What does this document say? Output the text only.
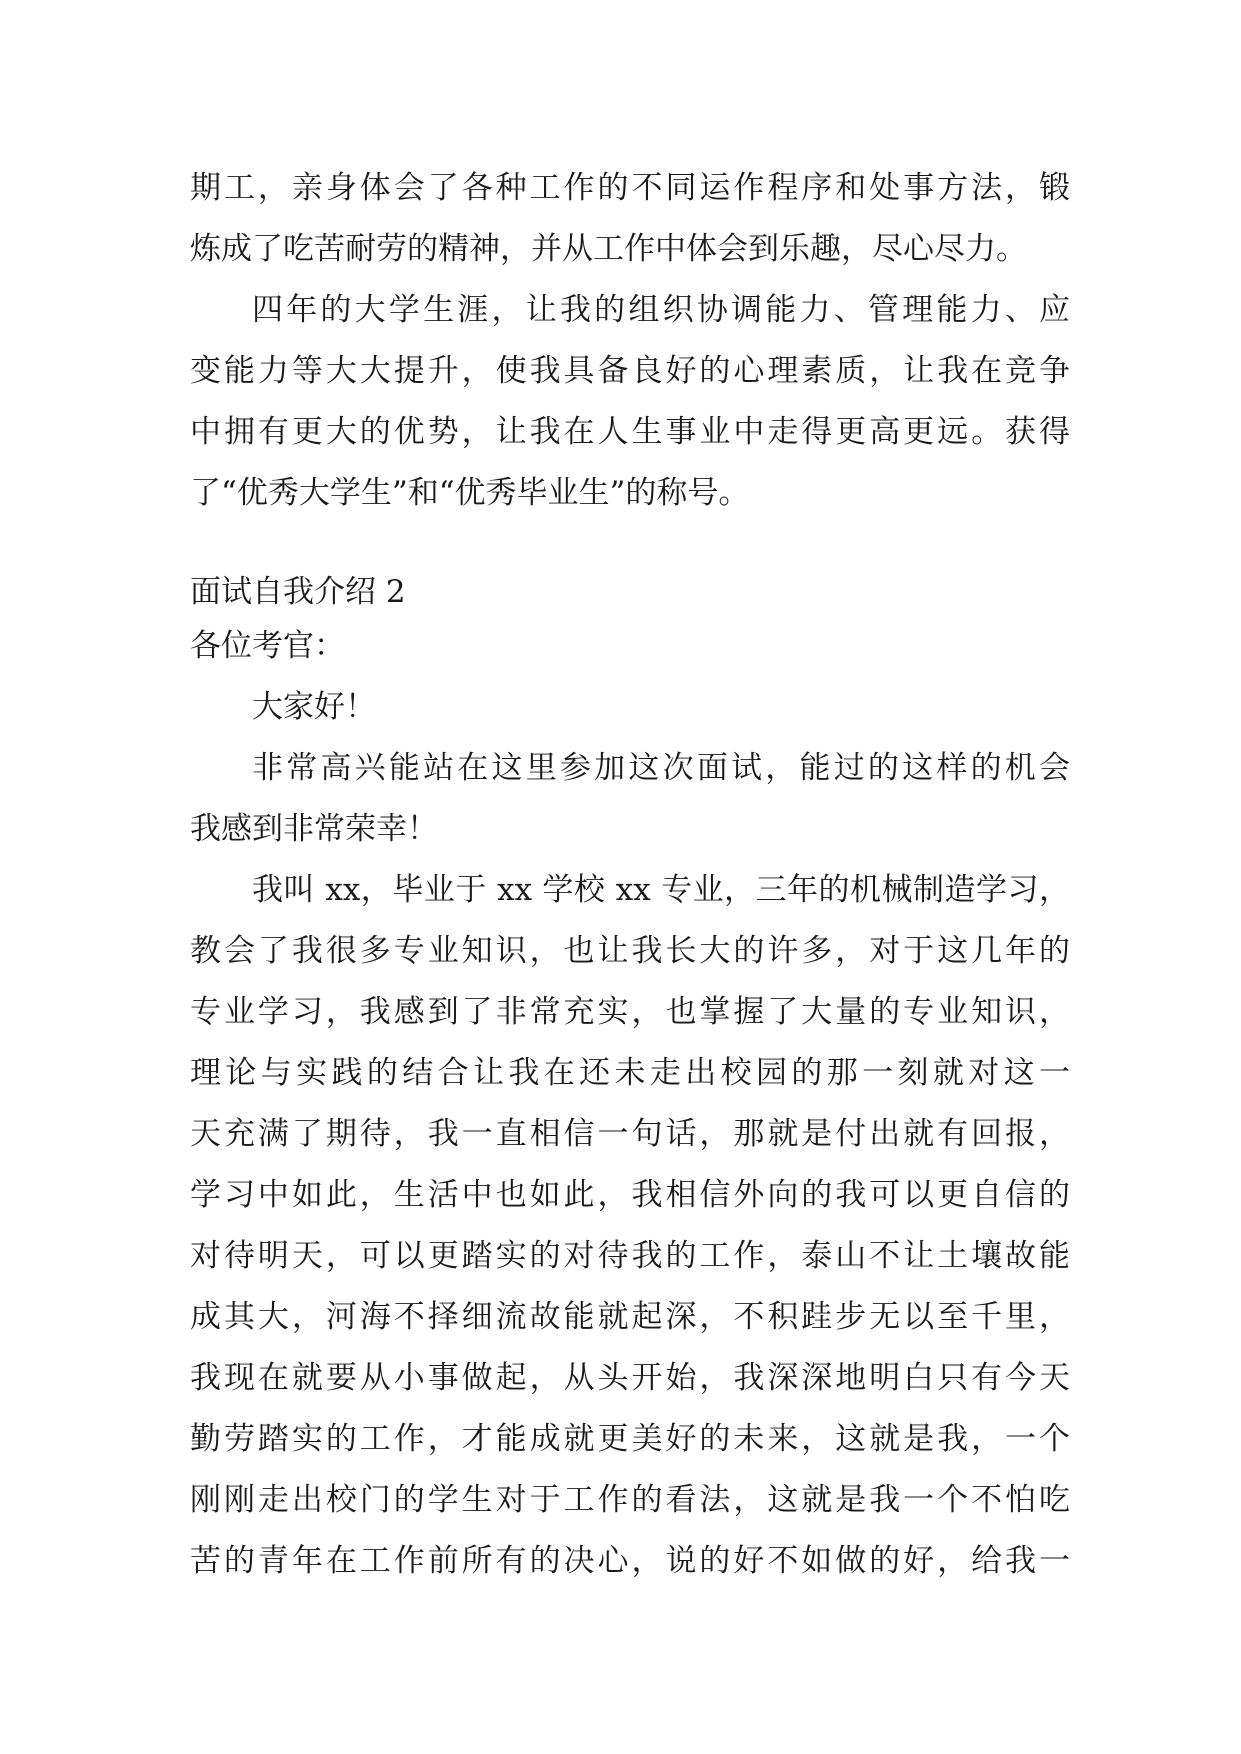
期工，亲身体会了各种工作的不同运作程序和处事方法，锻
炼成了吃苦耐劳的精神，并从工作中体会到乐趣，尽心尽力。
四年的大学生涯，让我的组织协调能力、管理能力、应
变能力等大大提升，使我具备良好的心理素质，让我在竞争
中拥有更大的优势，让我在人生事业中走得更高更远。获得
了“优秀大学生”和“优秀毕业生”的称号。
面试自我介绍 2
各位考官：
大家好！
非常高兴能站在这里参加这次面试，能过的这样的机会
我感到非常荣幸！
我叫 xx，毕业于 xx 学校 xx 专业，三年的机械制造学习，
教会了我很多专业知识，也让我长大的许多，对于这几年的
专业学习，我感到了非常充实，也掌握了大量的专业知识，
理论与实践的结合让我在还未走出校园的那一刻就对这一
天充满了期待，我一直相信一句话，那就是付出就有回报，
学习中如此，生活中也如此，我相信外向的我可以更自信的
对待明天，可以更踏实的对待我的工作，泰山不让土壤故能
成其大，河海不择细流故能就起深，不积跬步无以至千里，
我现在就要从小事做起，从头开始，我深深地明白只有今天
勤劳踏实的工作，才能成就更美好的未来，这就是我，一个
刚刚走出校门的学生对于工作的看法，这就是我一个不怕吃
苦的青年在工作前所有的决心，说的好不如做的好，给我一
